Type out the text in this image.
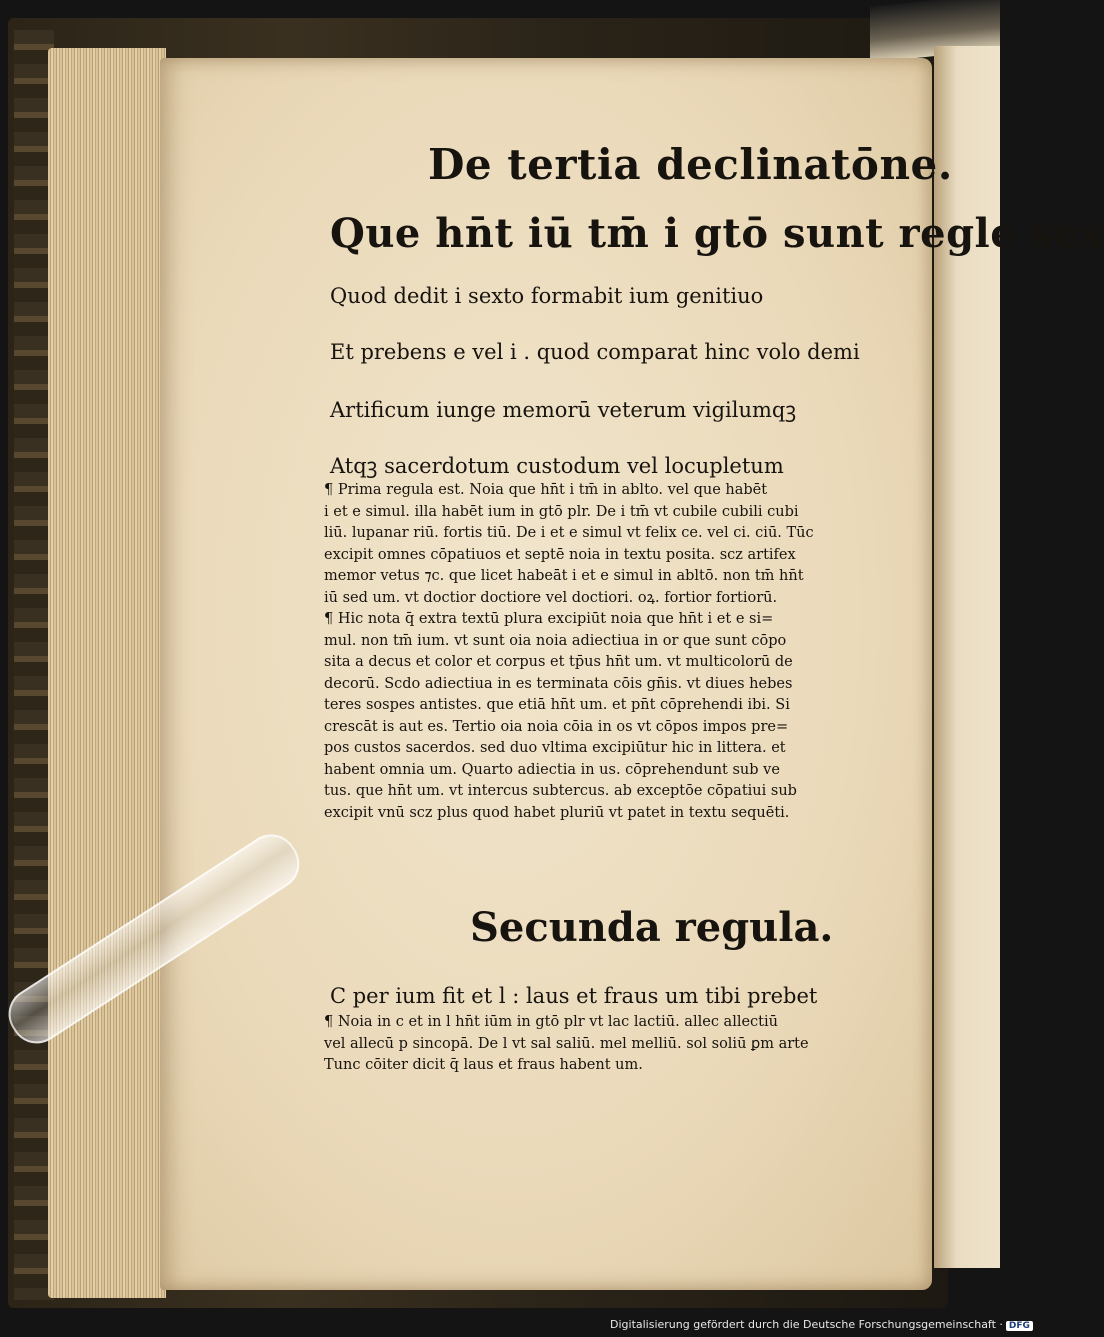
De tertia declinatōne.
Que hn̄t iū tm̄ i gtō sunt regle sex
Quod dedit i sexto formabit ium genitiuo
Et prebens e vel i . quod comparat hinc volo demi
Artificum iunge memorū veterum vigilumqꝫ
Atqꝫ sacerdotum custodum vel locupletum
¶ Prima regula est. Noia que hn̄t i tm̄ in ablto. vel que habēt
i et e simul. illa habēt ium in gtō plr. De i tm̄ vt cubile cubili cubi
liū. lupanar riū. fortis tiū. De i et e simul vt felix ce. vel ci. ciū. Tūc
excipit omnes cōpatiuos et septē noia in textu posita. scz artifex
memor vetus ⁊c. que licet habeāt i et e simul in abltō. non tm̄ hn̄t
iū sed um. vt doctior doctiore vel doctiori. oꝝ. fortior fortiorū.
¶ Hic nota q̄ extra textū plura excipiūt noia que hn̄t i et e si=
mul. non tm̄ ium. vt sunt oia noia adiectiua in or que sunt cōpo
sita a decus et color et corpus et tp̄us hn̄t um. vt multicolorū de
decorū. Scdo adiectiua in es terminata cōis gn̄is. vt diues hebes
teres sospes antistes. que etiā hn̄t um. et pn̄t cōprehendi ibi. Si
crescāt is aut es. Tertio oia noia cōia in os vt cōpos impos pre=
pos custos sacerdos. sed duo vltima excipiūtur hic in littera. et
habent omnia um. Quarto adiectia in us. cōprehendunt sub ve
tus. que hn̄t um. vt intercus subtercus. ab exceptōe cōpatiui sub
excipit vnū scz plus quod habet pluriū vt patet in textu sequēti.
Secunda regula.
C per ium fit et l : laus et fraus um tibi prebet
¶ Noia in c et in l hn̄t iūm in gtō plr vt lac lactiū. allec allectiū
vel allecū p sincopā. De l vt sal saliū. mel melliū. sol soliū ꝑm arte
Tunc cōiter dicit q̄ laus et fraus habent um.
Digitalisierung gefördert durch die Deutsche Forschungsgemeinschaft · DFG
